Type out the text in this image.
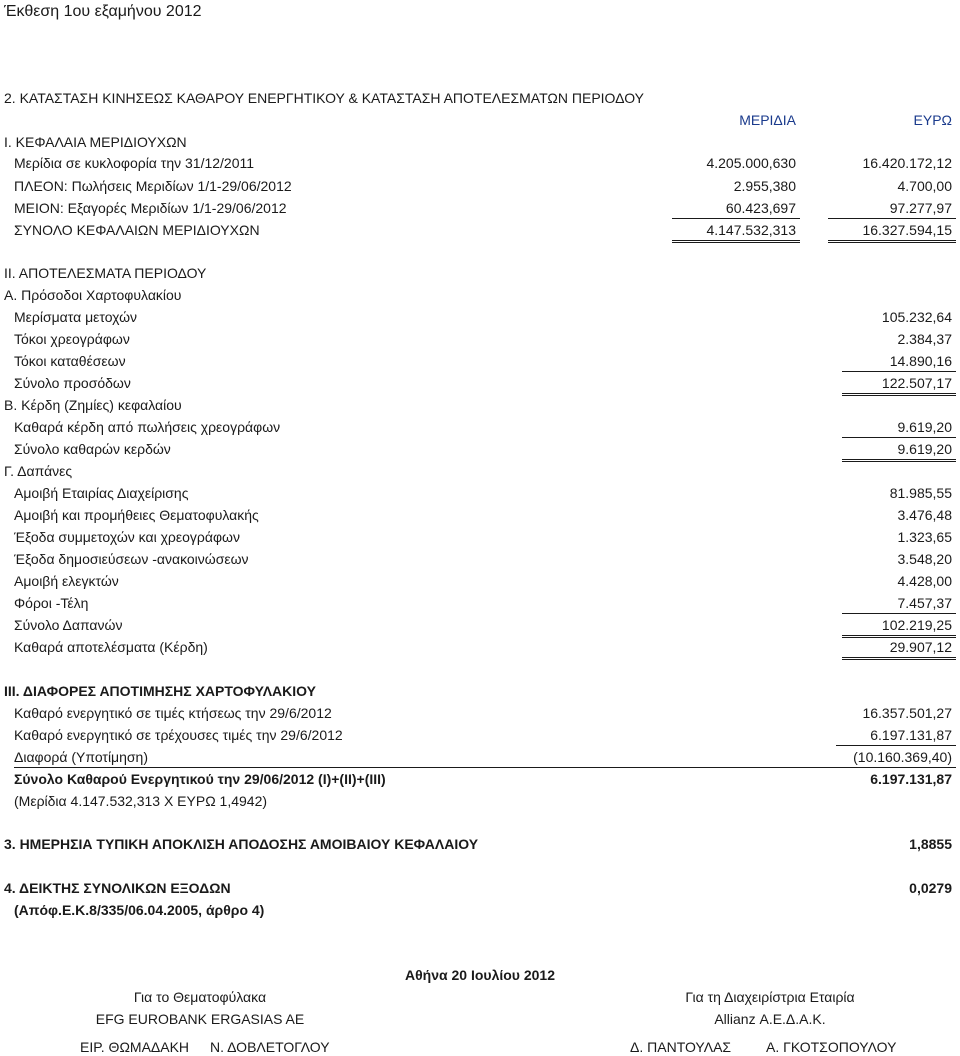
Έκθεση 1ου εξαμήνου 2012
2. ΚΑΤΑΣΤΑΣΗ ΚΙΝΗΣΕΩΣ ΚΑΘΑΡΟΥ ΕΝΕΡΓΗΤΙΚΟΥ & ΚΑΤΑΣΤΑΣΗ ΑΠΟΤΕΛΕΣΜΑΤΩΝ ΠΕΡΙΟΔΟΥ
ΜΕΡΙΔΙΑ	ΕΥΡΩ
Ι. ΚΕΦΑΛΑΙΑ ΜΕΡΙΔΙΟΥΧΩΝ
Μερίδια σε κυκλοφορία την 31/12/2011	4.205.000,630	16.420.172,12
ΠΛΕΟΝ: Πωλήσεις Μεριδίων 1/1-29/06/2012	2.955,380	4.700,00
ΜΕΙΟΝ: Εξαγορές Μεριδίων 1/1-29/06/2012	60.423,697	97.277,97
ΣΥΝΟΛΟ ΚΕΦΑΛΑΙΩΝ ΜΕΡΙΔΙΟΥΧΩΝ	4.147.532,313	16.327.594,15
ΙΙ. ΑΠΟΤΕΛΕΣΜΑΤΑ ΠΕΡΙΟΔΟΥ
Α. Πρόσοδοι Χαρτοφυλακίου
Μερίσματα μετοχών	105.232,64
Τόκοι χρεογράφων	2.384,37
Τόκοι καταθέσεων	14.890,16
Σύνολο προσόδων	122.507,17
Β. Κέρδη (Ζημίες) κεφαλαίου
Καθαρά κέρδη από πωλήσεις χρεογράφων	9.619,20
Σύνολο καθαρών κερδών	9.619,20
Γ. Δαπάνες
Αμοιβή Εταιρίας Διαχείρισης	81.985,55
Αμοιβή και προμήθειες Θεματοφυλακής	3.476,48
Έξοδα συμμετοχών και χρεογράφων	1.323,65
Έξοδα δημοσιεύσεων -ανακοινώσεων	3.548,20
Αμοιβή ελεγκτών	4.428,00
Φόροι -Τέλη	7.457,37
Σύνολο Δαπανών	102.219,25
Καθαρά αποτελέσματα (Κέρδη)	29.907,12
ΙΙΙ. ΔΙΑΦΟΡΕΣ ΑΠΟΤΙΜΗΣΗΣ ΧΑΡΤΟΦΥΛΑΚΙΟΥ
Καθαρό ενεργητικό σε τιμές κτήσεως την 29/6/2012	16.357.501,27
Καθαρό ενεργητικό σε τρέχουσες τιμές την 29/6/2012	6.197.131,87
Διαφορά (Υποτίμηση)	(10.160.369,40)
Σύνολο Καθαρού Ενεργητικού την 29/06/2012 (Ι)+(ΙΙ)+(ΙΙΙ)	6.197.131,87
(Μερίδια 4.147.532,313 Χ ΕΥΡΩ 1,4942)
3. ΗΜΕΡΗΣΙΑ ΤΥΠΙΚΗ ΑΠΟΚΛΙΣΗ ΑΠΟΔΟΣΗΣ ΑΜΟΙΒΑΙΟΥ ΚΕΦΑΛΑΙΟΥ	1,8855
4. ΔΕΙΚΤΗΣ ΣΥΝΟΛΙΚΩΝ ΕΞΟΔΩΝ	0,0279
(Απόφ.Ε.Κ.8/335/06.04.2005, άρθρο 4)
Αθήνα 20 Ιουλίου 2012
Για το Θεματοφύλακα	Για τη Διαχειρίστρια Εταιρία
EFG EUROBANK ERGASIAS AE	Allianz Α.Ε.Δ.Α.Κ.
ΕΙΡ. ΘΩΜΑΔΑΚΗ Ν. ΔΟΒΛΕΤΟΓΛΟΥ	Δ. ΠΑΝΤΟΥΛΑΣ Α. ΓΚΟΤΣΟΠΟΥΛΟΥ
